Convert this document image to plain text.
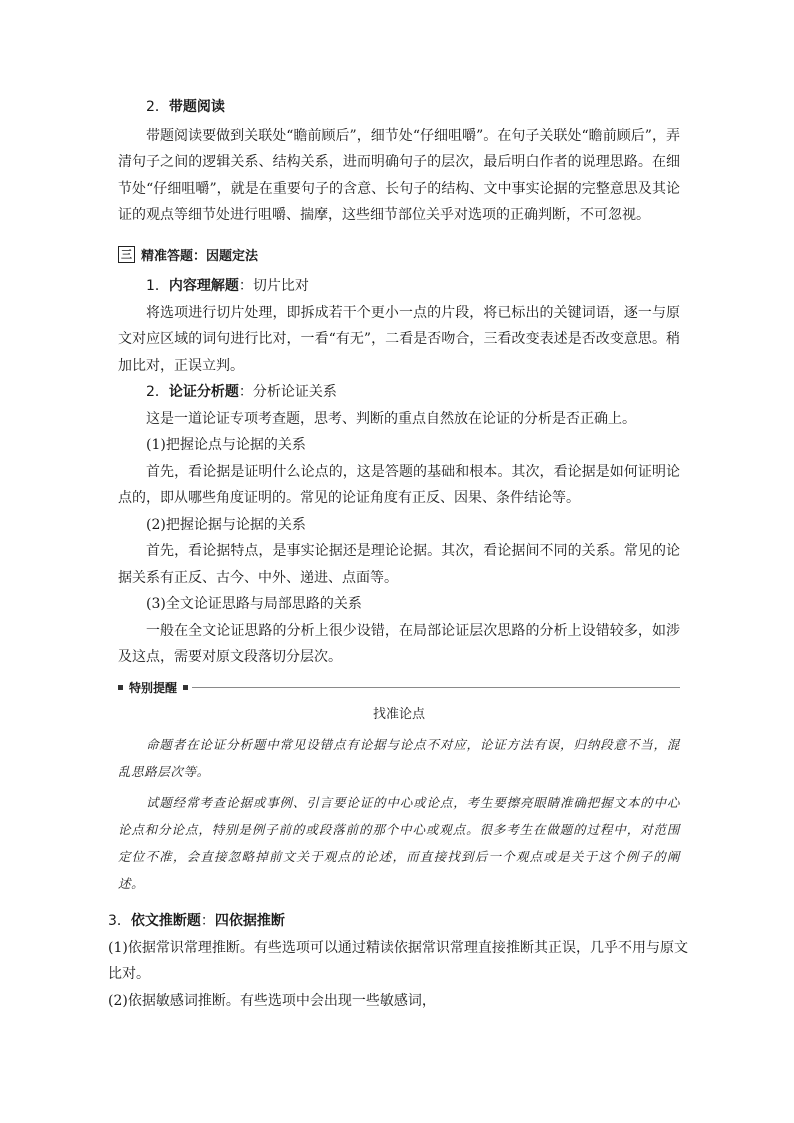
2．带题阅读

带题阅读要做到关联处“瞻前顾后”，细节处“仔细咀嚼”。在句子关联处“瞻前顾后”，弄清句子之间的逻辑关系、结构关系，进而明确句子的层次，最后明白作者的说理思路。在细节处“仔细咀嚼”，就是在重要句子的含意、长句子的结构、文中事实论据的完整意思及其论证的观点等细节处进行咀嚼、揣摩，这些细节部位关乎对选项的正确判断，不可忽视。

三 精准答题：因题定法

1．内容理解题：切片比对

将选项进行切片处理，即拆成若干个更小一点的片段，将已标出的关键词语，逐一与原文对应区域的词句进行比对，一看“有无”，二看是否吻合，三看改变表述是否改变意思。稍加比对，正误立判。

2．论证分析题：分析论证关系

这是一道论证专项考查题，思考、判断的重点自然放在论证的分析是否正确上。

(1)把握论点与论据的关系

首先，看论据是证明什么论点的，这是答题的基础和根本。其次，看论据是如何证明论点的，即从哪些角度证明的。常见的论证角度有正反、因果、条件结论等。

(2)把握论据与论据的关系

首先，看论据特点，是事实论据还是理论论据。其次，看论据间不同的关系。常见的论据关系有正反、古今、中外、递进、点面等。

(3)全文论证思路与局部思路的关系

一般在全文论证思路的分析上很少设错，在局部论证层次思路的分析上设错较多，如涉及这点，需要对原文段落切分层次。

特别提醒
找准论点

命题者在论证分析题中常见设错点有论据与论点不对应，论证方法有误，归纳段意不当，混乱思路层次等。

试题经常考查论据或事例、引言要论证的中心或论点，考生要擦亮眼睛准确把握文本的中心论点和分论点，特别是例子前的或段落前的那个中心或观点。很多考生在做题的过程中，对范围定位不准，会直接忽略掉前文关于观点的论述，而直接找到后一个观点或是关于这个例子的阐述。

3．依文推断题：四依据推断

(1)依据常识常理推断。有些选项可以通过精读依据常识常理直接推断其正误，几乎不用与原文比对。

(2)依据敏感词推断。有些选项中会出现一些敏感词，
